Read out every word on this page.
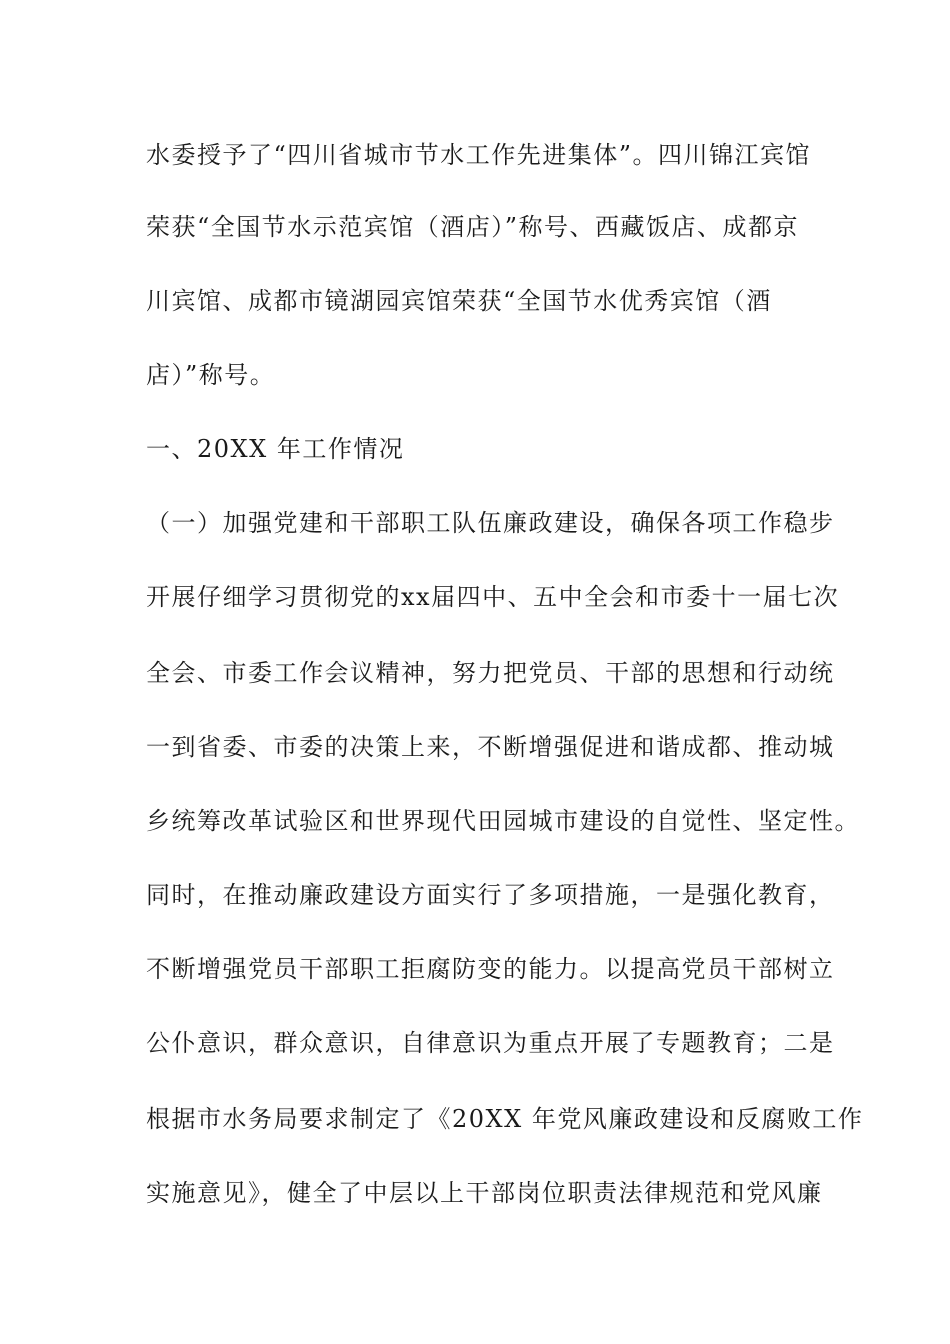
水委授予了“四川省城市节水工作先进集体”。四川锦江宾馆
荣获“全国节水示范宾馆（酒店）”称号、西藏饭店、成都京
川宾馆、成都市镜湖园宾馆荣获“全国节水优秀宾馆（酒
店）”称号。
一、20XX 年工作情况
（一）加强党建和干部职工队伍廉政建设，确保各项工作稳步
开展仔细学习贯彻党的xx届四中、五中全会和市委十一届七次
全会、市委工作会议精神，努力把党员、干部的思想和行动统
一到省委、市委的决策上来，不断增强促进和谐成都、推动城
乡统筹改革试验区和世界现代田园城市建设的自觉性、坚定性。
同时，在推动廉政建设方面实行了多项措施，一是强化教育，
不断增强党员干部职工拒腐防变的能力。以提高党员干部树立
公仆意识，群众意识，自律意识为重点开展了专题教育；二是
根据市水务局要求制定了《20XX 年党风廉政建设和反腐败工作
实施意见》，健全了中层以上干部岗位职责法律规范和党风廉
